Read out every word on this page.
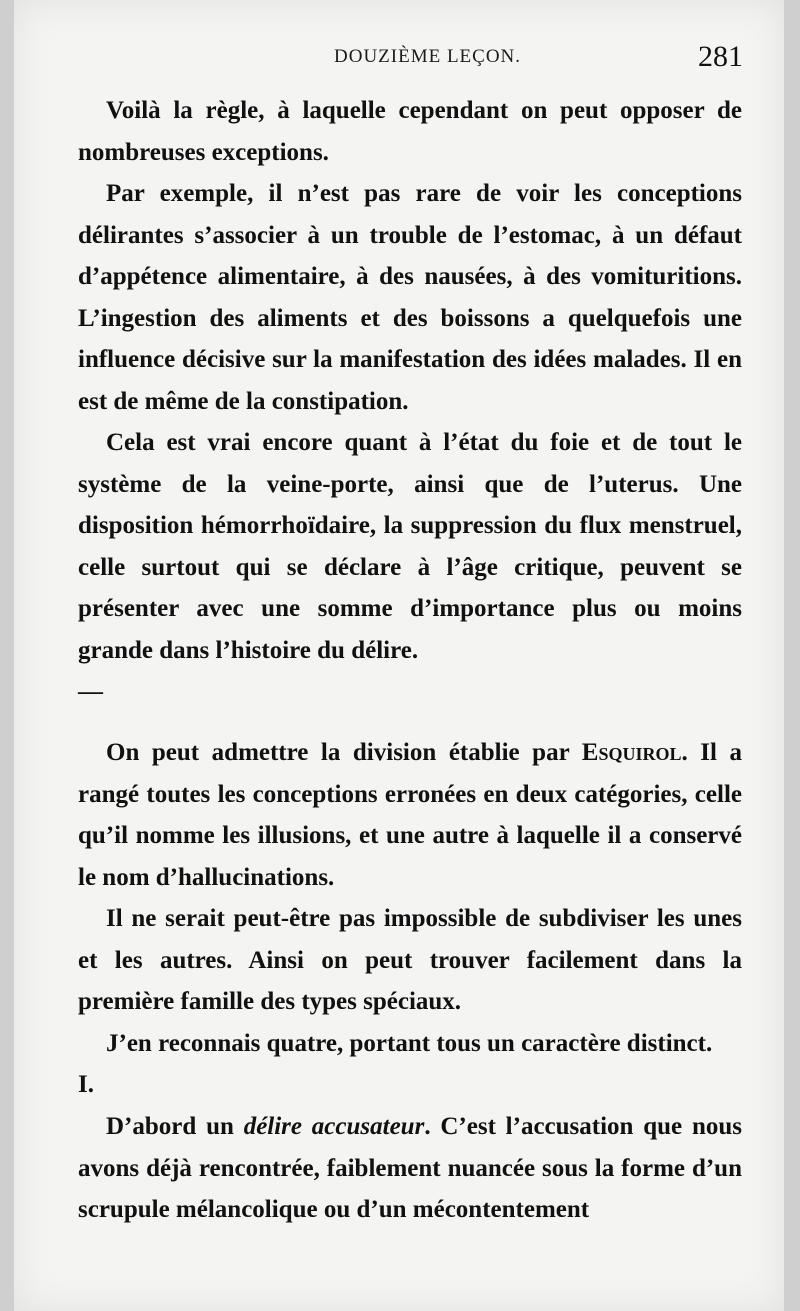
DOUZIÈME LEÇON.	281

Voilà la règle, à laquelle cependant on peut opposer de nombreuses exceptions.

Par exemple, il n’est pas rare de voir les conceptions délirantes s’associer à un trouble de l’estomac, à un défaut d’appétence alimentaire, à des nausées, à des vomituritions. L’ingestion des aliments et des boissons a quelquefois une influence décisive sur la manifestation des idées malades. Il en est de même de la constipation.

Cela est vrai encore quant à l’état du foie et de tout le système de la veine-porte, ainsi que de l’uterus. Une disposition hémorrhoïdaire, la suppression du flux menstruel, celle surtout qui se déclare à l’âge critique, peuvent se présenter avec une somme d’importance plus ou moins grande dans l’histoire du délire.

—

On peut admettre la division établie par Esquirol. Il a rangé toutes les conceptions erronées en deux catégories, celle qu’il nomme les illusions, et une autre à laquelle il a conservé le nom d’hallucinations.

Il ne serait peut-être pas impossible de subdiviser les unes et les autres. Ainsi on peut trouver facilement dans la première famille des types spéciaux.

J’en reconnais quatre, portant tous un caractère distinct.

I.

D’abord un délire accusateur. C’est l’accusation que nous avons déjà rencontrée, faiblement nuancée sous la forme d’un scrupule mélancolique ou d’un mécontentement
